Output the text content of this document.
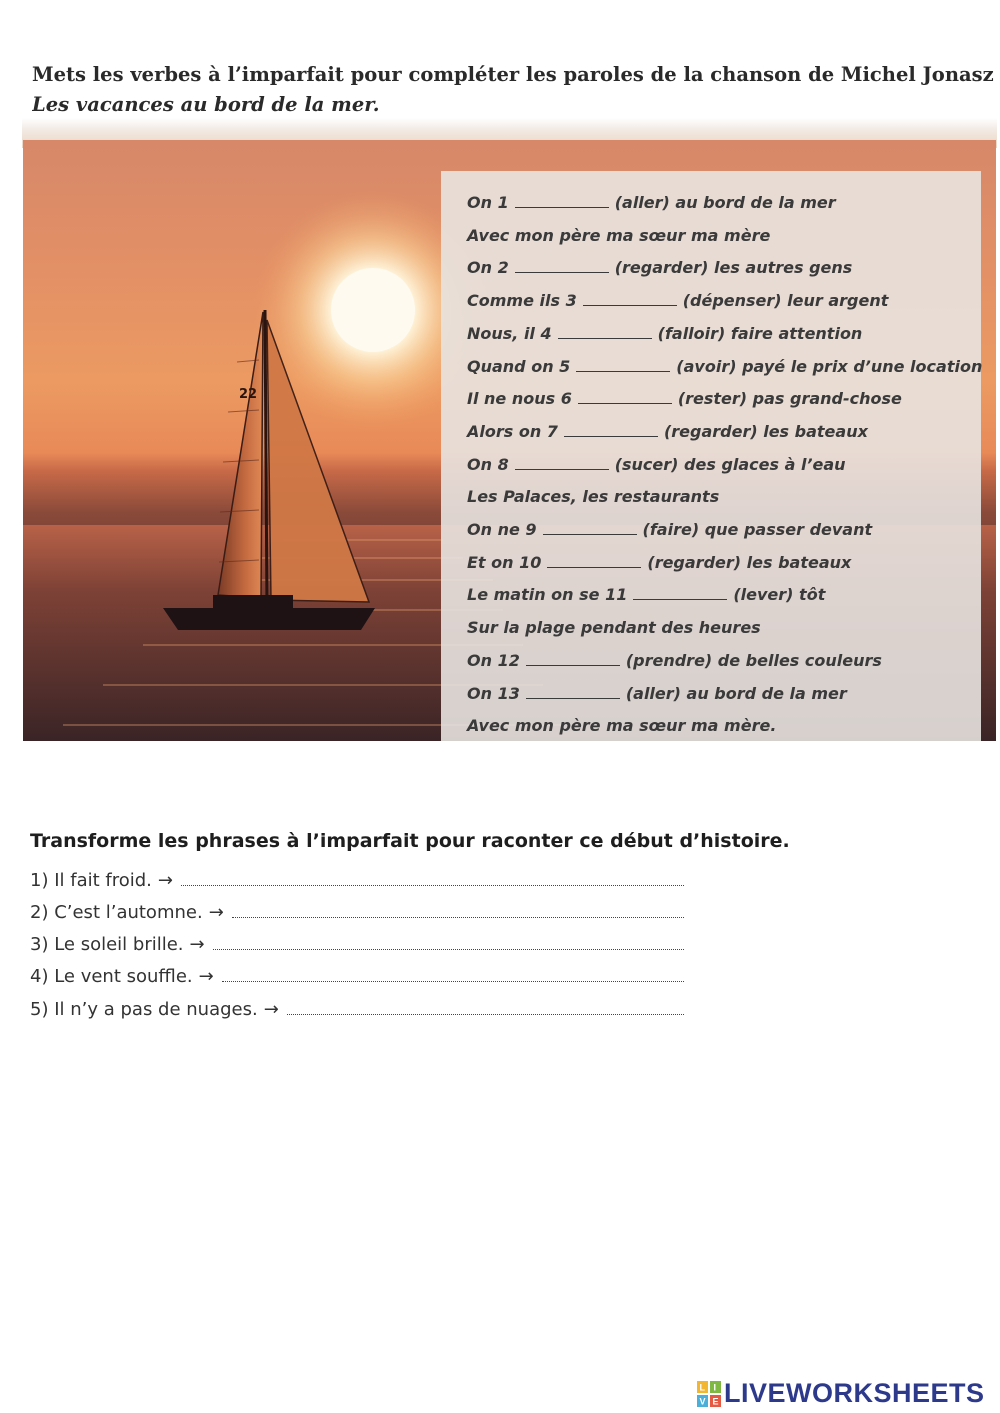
Mets les verbes à l’imparfait pour compléter les paroles de la chanson de Michel Jonasz Les vacances au bord de la mer.

22
On 1	(aller) au bord de la mer
Avec mon père ma sœur ma mère
On 2	(regarder) les autres gens
Comme ils 3	(dépenser) leur argent
Nous, il 4	(falloir) faire attention
Quand on 5	(avoir) payé le prix d’une location
Il ne nous 6	(rester) pas grand-chose
Alors on 7	(regarder) les bateaux
On 8	(sucer) des glaces à l’eau
Les Palaces, les restaurants
On ne 9	(faire) que passer devant
Et on 10	(regarder) les bateaux
Le matin on se 11	(lever) tôt
Sur la plage pendant des heures
On 12	(prendre) de belles couleurs
On 13	(aller) au bord de la mer
Avec mon père ma sœur ma mère.
Transforme les phrases à l’imparfait pour raconter ce début d’histoire.
1) Il fait froid. →
2) C’est l’automne. →
3) Le soleil brille. →
4) Le vent souffle. →
5) Il n’y a pas de nuages. →
L I V E LIVEWORKSHEETS
